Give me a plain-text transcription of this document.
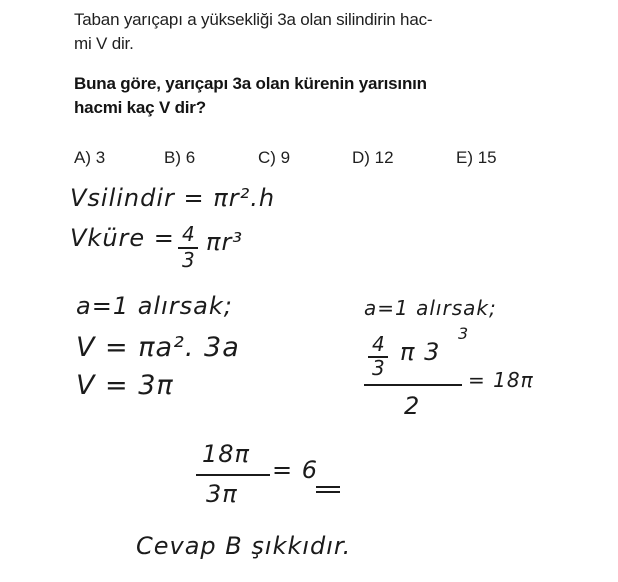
Taban yarıçapı a yüksekliği 3a olan silindirin hac-
mi V dir.
Buna göre, yarıçapı 3a olan kürenin yarısının
hacmi kaç V dir?
A) 3	B) 6	C) 9	D) 12	E) 15
Vsilindir = πr².h
Vküre = 4
3
πr³
a=1 alırsak;
V = πa². 3a
V = 3π
a=1 alırsak;
4
3
π 3
3
2
= 18π
18π
3π
= 6
Cevap B şıkkıdır.
